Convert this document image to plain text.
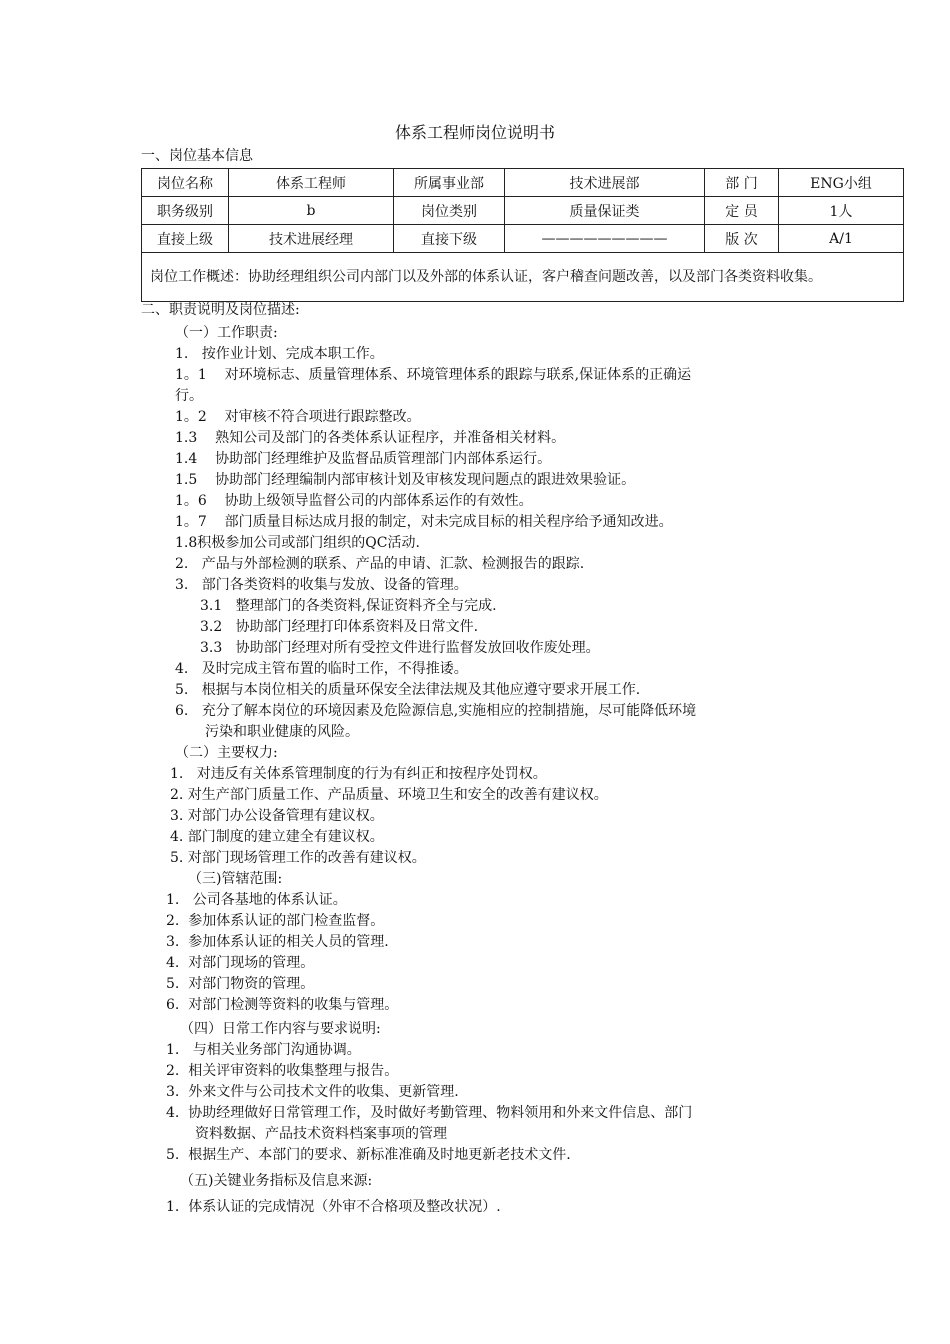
体系工程师岗位说明书
一、岗位基本信息
岗位名称	体系工程师	所属事业部	技术进展部	部 门	ENG小组
职务级别	b	岗位类别	质量保证类	定 员	1人
直接上级	技术进展经理	直接下级	—————————	版 次	A/1
岗位工作概述：协助经理组织公司内部门以及外部的体系认证，客户稽查问题改善，以及部门各类资料收集。					
二、职责说明及岗位描述:
（一）工作职责:
1.   按作业计划、完成本职工作。
1。1    对环境标志、质量管理体系、环境管理体系的跟踪与联系,保证体系的正确运
行。
1。2    对审核不符合项进行跟踪整改。
1.3    熟知公司及部门的各类体系认证程序，并准备相关材料。
1.4    协助部门经理维护及监督品质管理部门内部体系运行。
1.5    协助部门经理编制内部审核计划及审核发现问题点的跟进效果验证。
1。6    协助上级领导监督公司的内部体系运作的有效性。
1。7    部门质量目标达成月报的制定，对未完成目标的相关程序给予通知改进。
1.8积极参加公司或部门组织的QC活动.
2.   产品与外部检测的联系、产品的申请、汇款、检测报告的跟踪.
3.   部门各类资料的收集与发放、设备的管理。
3.1   整理部门的各类资料,保证资料齐全与完成.
3.2   协助部门经理打印体系资料及日常文件.
3.3   协助部门经理对所有受控文件进行监督发放回收作废处理。
4.   及时完成主管布置的临时工作，不得推诿。
5.   根据与本岗位相关的质量环保安全法律法规及其他应遵守要求开展工作.
6.   充分了解本岗位的环境因素及危险源信息,实施相应的控制措施，尽可能降低环境
污染和职业健康的风险。
（二）主要权力:
1.   对违反有关体系管理制度的行为有纠正和按程序处罚权。
2. 对生产部门质量工作、产品质量、环境卫生和安全的改善有建议权。
3. 对部门办公设备管理有建议权。
4. 部门制度的建立建全有建议权。
5. 对部门现场管理工作的改善有建议权。
（三)管辖范围:
1.   公司各基地的体系认证。
2.  参加体系认证的部门检查监督。
3.  参加体系认证的相关人员的管理.
4.  对部门现场的管理。
5.  对部门物资的管理。
6.  对部门检测等资料的收集与管理。
（四）日常工作内容与要求说明:
1.   与相关业务部门沟通协调。
2.  相关评审资料的收集整理与报告。
3.  外来文件与公司技术文件的收集、更新管理.
4.  协助经理做好日常管理工作，及时做好考勤管理、物料领用和外来文件信息、部门
资料数据、产品技术资料档案事项的管理
5.  根据生产、本部门的要求、新标准准确及时地更新老技术文件.
（五)关键业务指标及信息来源:
1.  体系认证的完成情况（外审不合格项及整改状况）.
